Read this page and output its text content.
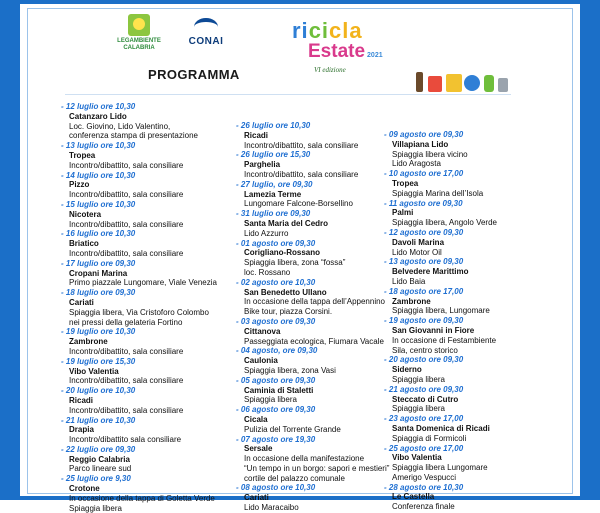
LEGAMBIENTE
CALABRIA
CONAI	ricicla
Estate 2021
VI edizione
PROGRAMMA
- 12 luglio ore 10,30
Catanzaro Lido
Loc. Giovino, Lido Valentino,
conferenza stampa di presentazione
- 13 luglio ore 10,30
Tropea
Incontro/dibattito, sala consiliare
- 14 luglio ore 10,30
Pizzo
Incontro/dibattito, sala consiliare
- 15 luglio ore 10,30
Nicotera
Incontro/dibattito, sala consiliare
- 16 luglio ore 10,30
Briatico
Incontro/dibattito, sala consiliare
- 17 luglio ore 09,30
Cropani Marina
Primo piazzale Lungomare, Viale Venezia
- 18 luglio ore 09,30
Cariati
Spiaggia libera, Via Cristoforo Colombo
nei pressi della gelateria Fortino
- 19 luglio ore 10,30
Zambrone
Incontro/dibattito, sala consiliare
- 19 luglio ore 15,30
Vibo Valentia
Incontro/dibattito, sala consiliare
- 20 luglio ore 10,30
Ricadi
Incontro/dibattito, sala consiliare
- 21 luglio ore 10,30
Drapia
Incontro/dibattito sala consiliare
- 22 luglio ore 09,30
Reggio Calabria
Parco lineare sud
- 25 luglio ore 9,30
Crotone
In occasione della tappa di Goletta Verde
Spiaggia libera
- 26 luglio ore 10,30
Ricadi
Incontro/dibattito, sala consiliare
- 26 luglio ore 15,30
Parghelia
Incontro/dibattito, sala consiliare
- 27 luglio, ore 09,30
Lamezia Terme
Lungomare Falcone-Borsellino
- 31 luglio ore 09,30
Santa Maria del Cedro
Lido Azzurro
- 01 agosto ore 09,30
Corigliano-Rossano
Spiaggia libera, zona “fossa”
loc. Rossano
- 02 agosto ore 10,30
San Benedetto Ullano
In occasione della tappa dell’Appennino
Bike tour, piazza Corsini.
- 03 agosto ore 09,30
Cittanova
Passeggiata ecologica, Fiumara Vacale
- 04 agosto, ore 09,30
Caulonia
Spiaggia libera, zona Vasi
- 05 agosto ore 09,30
Caminia di Staletti
Spiaggia libera
- 06 agosto ore 09,30
Cicala
Pulizia del Torrente Grande
- 07 agosto ore 19,30
Sersale
In occasione della manifestazione
“Un tempo in un borgo: sapori e mestieri”
cortile del palazzo comunale
- 08 agosto ore 10,30
Cariati
Lido Maracaibo
- 09 agosto ore 09,30
Villapiana Lido
Spiaggia libera vicino
Lido Aragosta
- 10 agosto ore 17,00
Tropea
Spiaggia Marina dell’Isola
- 11 agosto ore 09,30
Palmi
Spiaggia libera, Angolo Verde
- 12 agosto ore 09,30
Davoli Marina
Lido Motor Oil
- 13 agosto ore 09,30
Belvedere Marittimo
Lido Baia
- 18 agosto ore 17,00
Zambrone
Spiaggia libera, Lungomare
- 19 agosto ore 09,30
San Giovanni in Fiore
In occasione di Festambiente
Sila, centro storico
- 20 agosto ore 09,30
Siderno
Spiaggia libera
- 21 agosto ore 09,30
Steccato di Cutro
Spiaggia libera
- 23 agosto ore 17,00
Santa Domenica di Ricadi
Spiaggia di Formicoli
- 25 agosto ore 17,00
Vibo Valentia
Spiaggia libera Lungomare
Amerigo Vespucci
- 28 agosto ore 10,30
Le Castella
Conferenza finale
